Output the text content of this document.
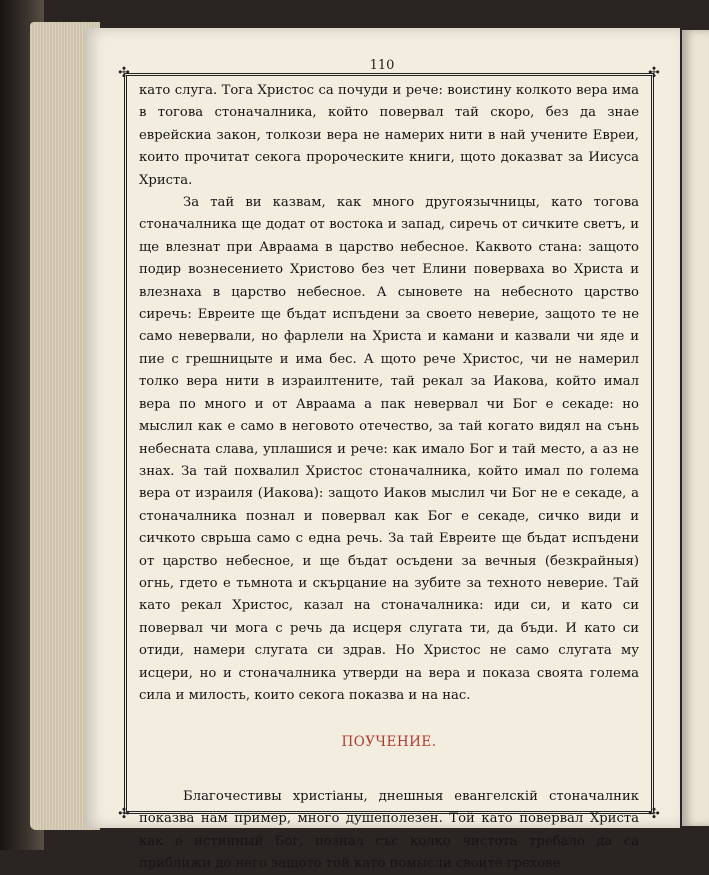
110
✣	✣
✣	✣

като слуга. Тога Христос са почуди и рече: воистину колкото вера има в тогова стоначалника, който повервал тай скоро, без да знае еврейскиа закон, толкози вера не намерих нити в най учените Евреи, които прочитат секога пророческите книги, щото доказват за Иисуса Христа.

За тай ви казвам, как много другоязычницы, като тогова стоначалника ще додат от востока и запад, сиречь от сичките светъ, и ще влезнат при Авраама в царство небесное. Каквото стана: защото подир вознесението Христово без чет Елини повервахa во Христа и влезнаха в царство небесное. А сыновете на небесното царство сиречь: Евреите ще бъдат испъдени за своето неверие, защото те не само невервали, но фарлели на Христа и камани и казвали чи яде и пие с грешницыте и има бес. А щото рече Христос, чи не намерил толко вера нити в израилтените, тай рекал за Иакова, който имал вера по много и от Авраама а пак невервал чи Бог е секаде: но мыслил как е само в неговото отечество, за тай когато видял на сънь небесната слава, уплашися и рече: как имало Бог и тай место, а аз не знах. За тай похвалил Христос стоначалника, който имал по голема вера от израиля (Иакова): защото Иаков мыслил чи Бог не е секаде, а стоначалника познал и повервал как Бог е секаде, сичко види и сичкото сврьша само с една речь. За тай Евреите ще бъдат испъдени от царство небесное, и ще бъдат осъдени за вечныя (безкрайныя) огнь, гдето е тьмнота и скърцание на зубите за техното неверие. Тай като рекал Христос, казал на стоначалника: иди си, и като си повервал чи мога с речь да исцеря слугата ти, да бъди. И като си отиди, намери слугата си здрав. Но Христос не само слугата му исцери, но и стоначалника утверди на вера и показа своята голема сила и милость, които секога показва и на нас.

ПОУЧЕНИЕ.

Благочестивы христіаны, днешныя евангелскій стоначалник показва нам пример, много душеполезен. Той като повервал Христа как е истинный Бог, познал със колко чистота требало да са приближи до него защото той като помысли своите грехове
